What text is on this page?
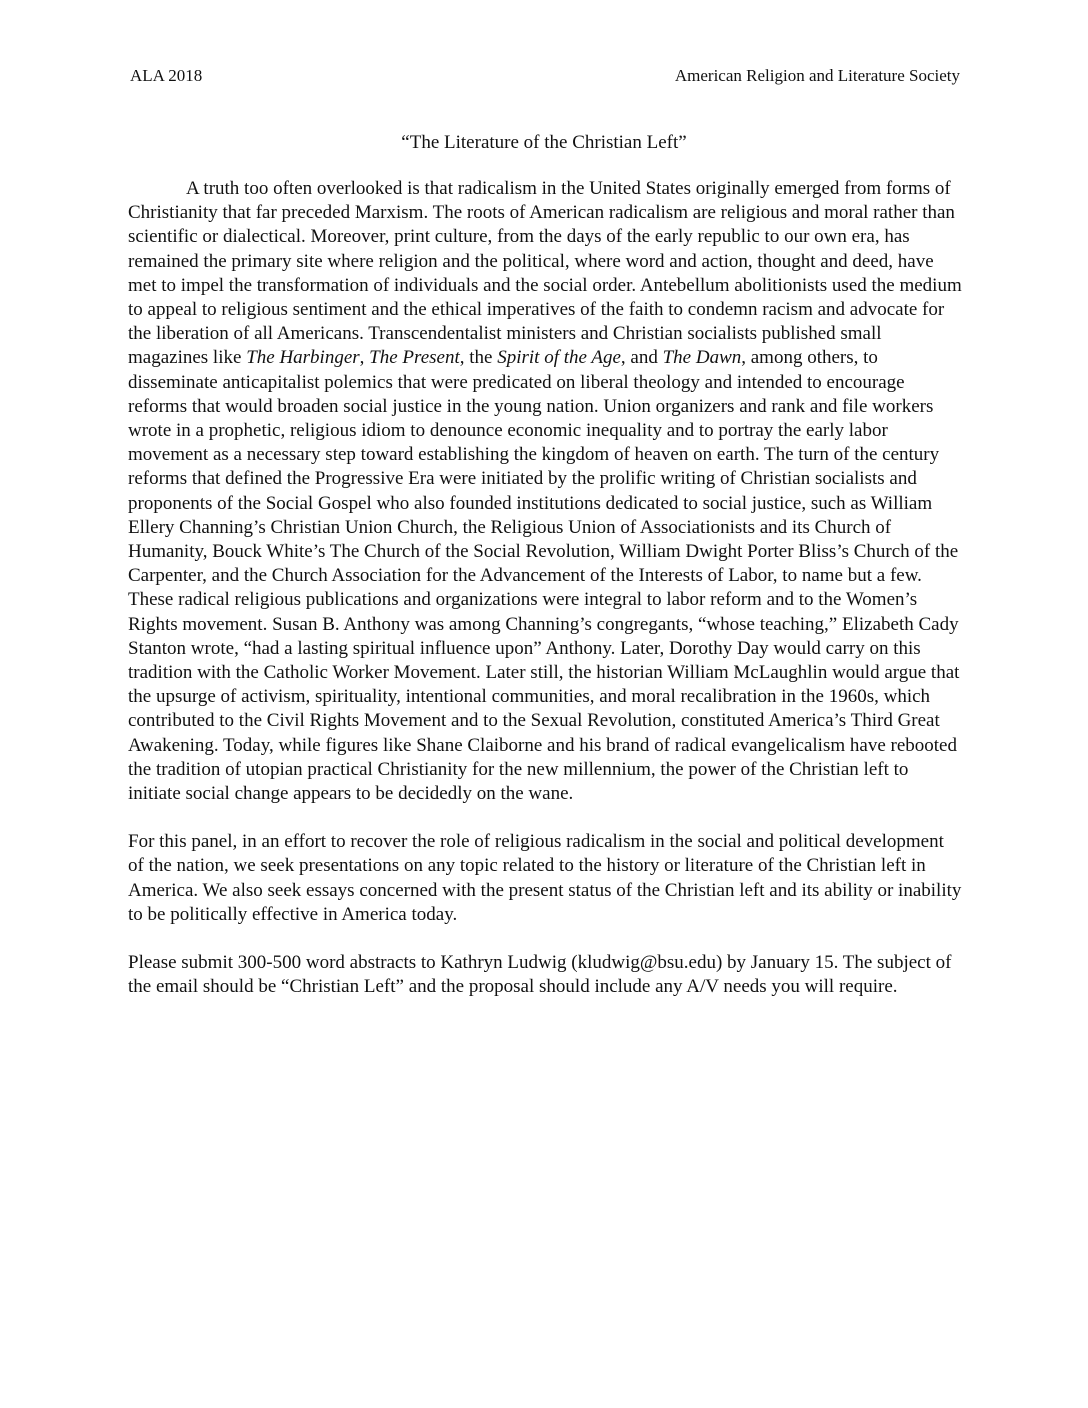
ALA 2018	American Religion and Literature Society
“The Literature of the Christian Left”

A truth too often overlooked is that radicalism in the United States originally emerged from forms of Christianity that far preceded Marxism. The roots of American radicalism are religious and moral rather than scientific or dialectical. Moreover, print culture, from the days of the early republic to our own era, has remained the primary site where religion and the political, where word and action, thought and deed, have met to impel the transformation of individuals and the social order. Antebellum abolitionists used the medium to appeal to religious sentiment and the ethical imperatives of the faith to condemn racism and advocate for the liberation of all Americans. Transcendentalist ministers and Christian socialists published small magazines like The Harbinger, The Present, the Spirit of the Age, and The Dawn, among others, to disseminate anticapitalist polemics that were predicated on liberal theology and intended to encourage reforms that would broaden social justice in the young nation. Union organizers and rank and file workers wrote in a prophetic, religious idiom to denounce economic inequality and to portray the early labor movement as a necessary step toward establishing the kingdom of heaven on earth. The turn of the century reforms that defined the Progressive Era were initiated by the prolific writing of Christian socialists and proponents of the Social Gospel who also founded institutions dedicated to social justice, such as William Ellery Channing’s Christian Union Church, the Religious Union of Associationists and its Church of Humanity, Bouck White’s The Church of the Social Revolution, William Dwight Porter Bliss’s Church of the Carpenter, and the Church Association for the Advancement of the Interests of Labor, to name but a few. These radical religious publications and organizations were integral to labor reform and to the Women’s Rights movement. Susan B. Anthony was among Channing’s congregants, “whose teaching,” Elizabeth Cady Stanton wrote, “had a lasting spiritual influence upon” Anthony. Later, Dorothy Day would carry on this tradition with the Catholic Worker Movement. Later still, the historian William McLaughlin would argue that the upsurge of activism, spirituality, intentional communities, and moral recalibration in the 1960s, which contributed to the Civil Rights Movement and to the Sexual Revolution, constituted America’s Third Great Awakening. Today, while figures like Shane Claiborne and his brand of radical evangelicalism have rebooted the tradition of utopian practical Christianity for the new millennium, the power of the Christian left to initiate social change appears to be decidedly on the wane.

For this panel, in an effort to recover the role of religious radicalism in the social and political development of the nation, we seek presentations on any topic related to the history or literature of the Christian left in America. We also seek essays concerned with the present status of the Christian left and its ability or inability to be politically effective in America today.

Please submit 300-500 word abstracts to Kathryn Ludwig (kludwig@bsu.edu) by January 15. The subject of the email should be “Christian Left” and the proposal should include any A/V needs you will require.
